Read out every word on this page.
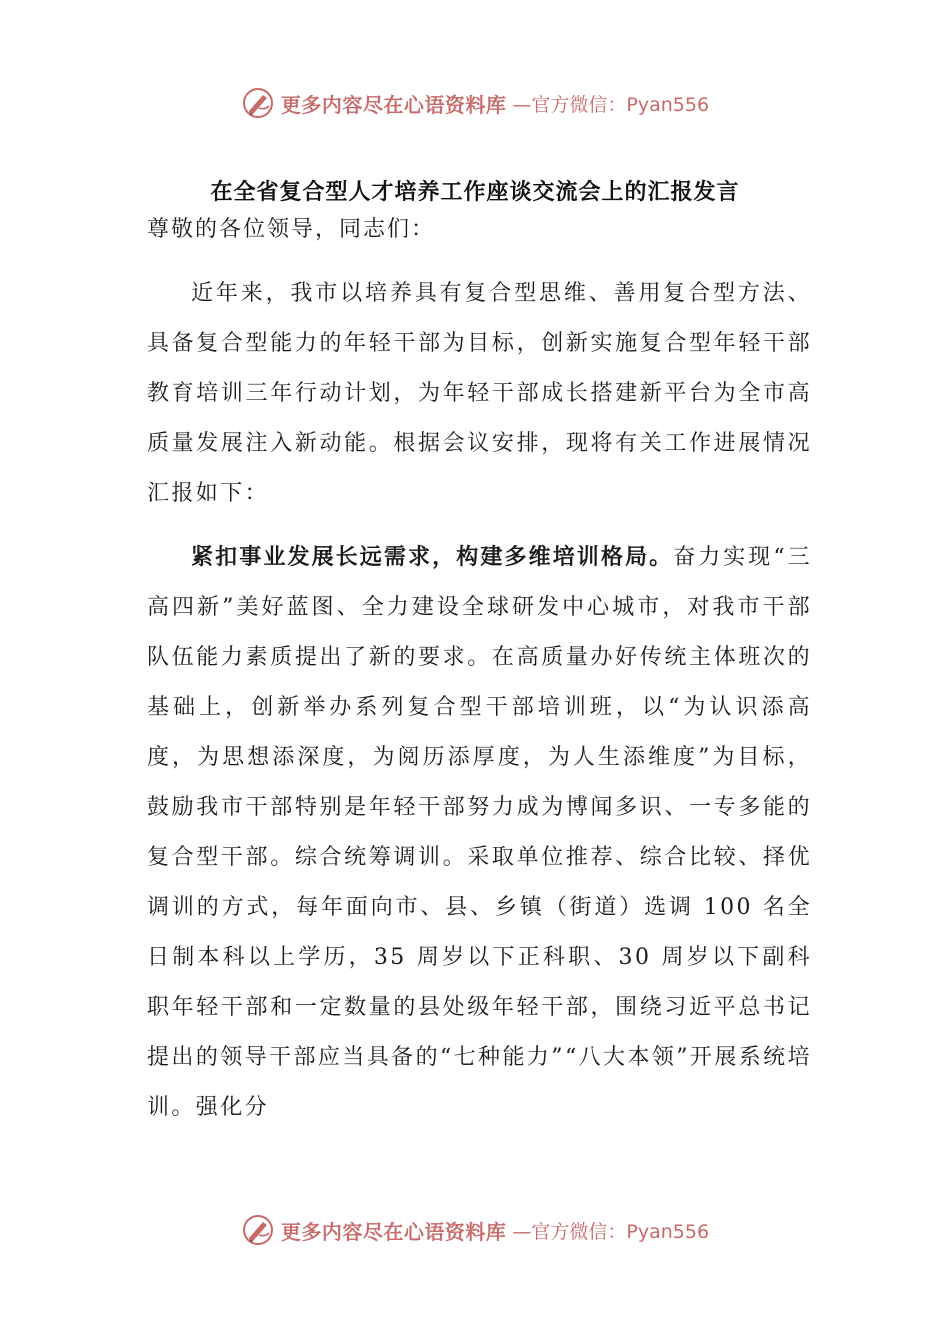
更多内容尽在心语资料库 —官方微信：Pyan556
在全省复合型人才培养工作座谈交流会上的汇报发言

尊敬的各位领导，同志们：

近年来，我市以培养具有复合型思维、善用复合型方法、具备复合型能力的年轻干部为目标，创新实施复合型年轻干部教育培训三年行动计划，为年轻干部成长搭建新平台为全市高质量发展注入新动能。根据会议安排，现将有关工作进展情况汇报如下：

紧扣事业发展长远需求，构建多维培训格局。奋力实现“三高四新”美好蓝图、全力建设全球研发中心城市，对我市干部队伍能力素质提出了新的要求。在高质量办好传统主体班次的基础上，创新举办系列复合型干部培训班，以“为认识添高度，为思想添深度，为阅历添厚度，为人生添维度”为目标，鼓励我市干部特别是年轻干部努力成为博闻多识、一专多能的复合型干部。综合统筹调训。采取单位推荐、综合比较、择优调训的方式，每年面向市、县、乡镇（街道）选调 100 名全日制本科以上学历，35 周岁以下正科职、30 周岁以下副科职年轻干部和一定数量的县处级年轻干部，围绕习近平总书记提出的领导干部应当具备的“七种能力”“八大本领”开展系统培训。强化分

更多内容尽在心语资料库 —官方微信：Pyan556
